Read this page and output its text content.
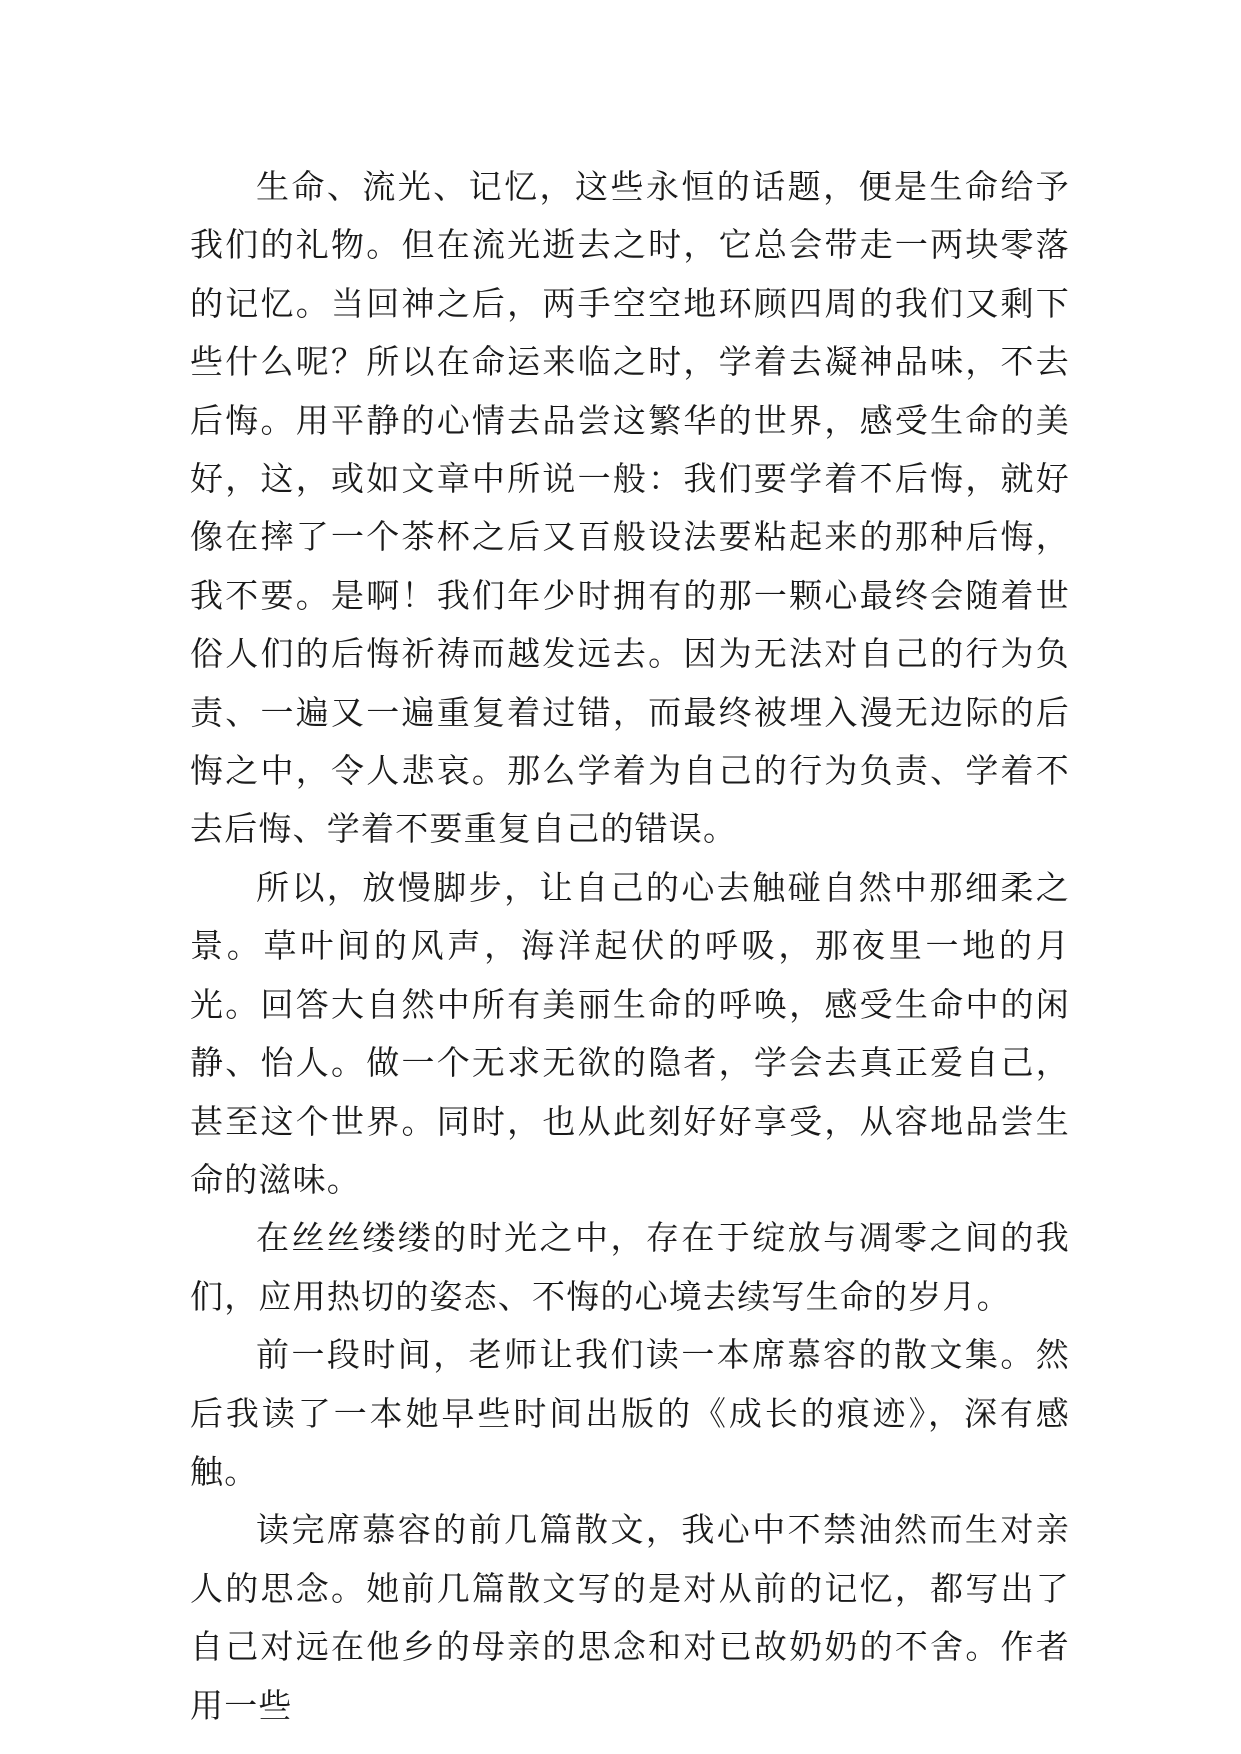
生命、流光、记忆，这些永恒的话题，便是生命给予我们的礼物。但在流光逝去之时，它总会带走一两块零落的记忆。当回神之后，两手空空地环顾四周的我们又剩下些什么呢？所以在命运来临之时，学着去凝神品味，不去后悔。用平静的心情去品尝这繁华的世界，感受生命的美好，这，或如文章中所说一般：我们要学着不后悔，就好像在摔了一个茶杯之后又百般设法要粘起来的那种后悔，我不要。是啊！我们年少时拥有的那一颗心最终会随着世俗人们的后悔祈祷而越发远去。因为无法对自己的行为负责、一遍又一遍重复着过错，而最终被埋入漫无边际的后悔之中，令人悲哀。那么学着为自己的行为负责、学着不去后悔、学着不要重复自己的错误。

所以，放慢脚步，让自己的心去触碰自然中那细柔之景。草叶间的风声，海洋起伏的呼吸，那夜里一地的月光。回答大自然中所有美丽生命的呼唤，感受生命中的闲静、怡人。做一个无求无欲的隐者，学会去真正爱自己，甚至这个世界。同时，也从此刻好好享受，从容地品尝生命的滋味。

在丝丝缕缕的时光之中，存在于绽放与凋零之间的我们，应用热切的姿态、不悔的心境去续写生命的岁月。

前一段时间，老师让我们读一本席慕容的散文集。然后我读了一本她早些时间出版的《成长的痕迹》，深有感触。

读完席慕容的前几篇散文，我心中不禁油然而生对亲人的思念。她前几篇散文写的是对从前的记忆，都写出了自己对远在他乡的母亲的思念和对已故奶奶的不舍。作者用一些
